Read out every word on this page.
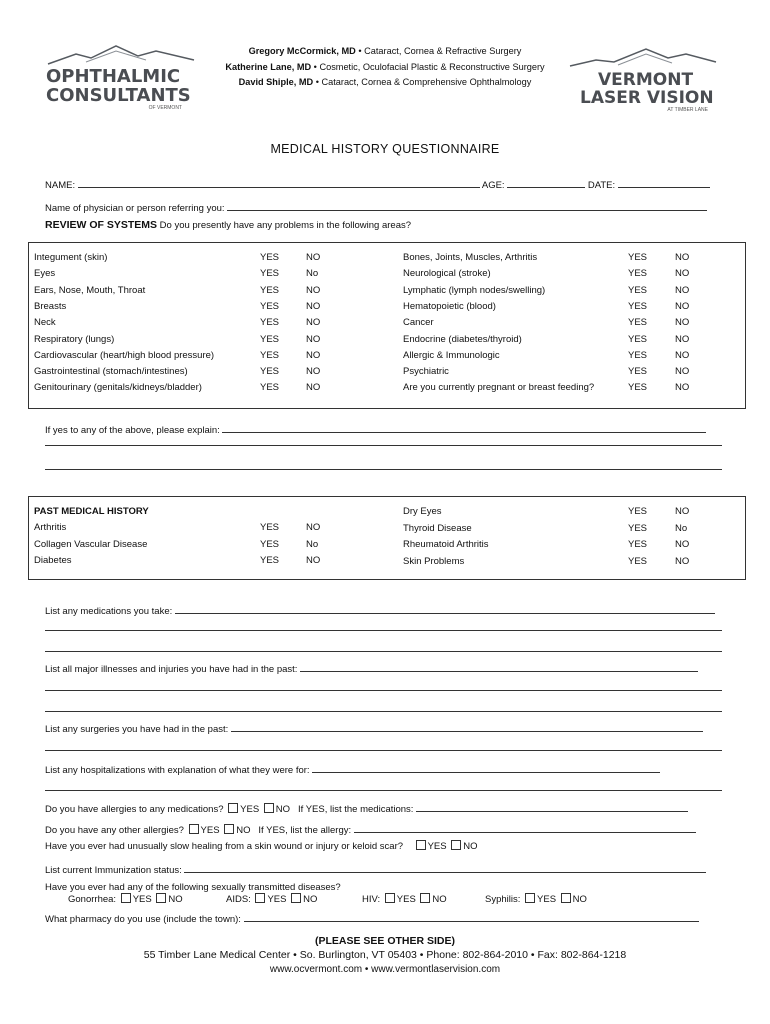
OPHTHALMIC
CONSULTANTS
OF VERMONT
Gregory McCormick, MD • Cataract, Cornea & Refractive Surgery
Katherine Lane, MD • Cosmetic, Oculofacial Plastic & Reconstructive Surgery
David Shiple, MD • Cataract, Cornea & Comprehensive Ophthalmology	VERMONT
LASER VISION
AT TIMBER LANE
MEDICAL HISTORY QUESTIONNAIRE
NAME:	AGE:	DATE:
Name of physician or person referring you:
REVIEW OF SYSTEMS Do you presently have any problems in the following areas?
Integument (skin)	YES	NO
Eyes	YES	No
Ears, Nose, Mouth, Throat	YES	NO
Breasts	YES	NO
Neck	YES	NO
Respiratory (lungs)	YES	NO
Cardiovascular (heart/high blood pressure)	YES	NO
Gastrointestinal (stomach/intestines)	YES	NO
Genitourinary (genitals/kidneys/bladder)	YES	NO
Bones, Joints, Muscles, Arthritis	YES	NO
Neurological (stroke)	YES	NO
Lymphatic (lymph nodes/swelling)	YES	NO
Hematopoietic (blood)	YES	NO
Cancer	YES	NO
Endocrine (diabetes/thyroid)	YES	NO
Allergic & Immunologic	YES	NO
Psychiatric	YES	NO
Are you currently pregnant or breast feeding?	YES	NO
If yes to any of the above, please explain:
PAST MEDICAL HISTORY
Arthritis	YES	NO
Collagen Vascular Disease	YES	No
Diabetes	YES	NO
Dry Eyes	YES	NO
Thyroid Disease	YES	No
Rheumatoid Arthritis	YES	NO
Skin Problems	YES	NO
List any medications you take:
List all major illnesses and injuries you have had in the past:
List any surgeries you have had in the past:
List any hospitalizations with explanation of what they were for:
Do you have allergies to any medications? YES NO If YES, list the medications:
Do you have any other allergies? YES NO If YES, list the allergy:
Have you ever had unusually slow healing from a skin wound or injury or keloid scar?	YES NO
List current Immunization status:
Have you ever had any of the following sexually transmitted diseases?
Gonorrhea: YES NO	AIDS: YES NO	HIV: YES NO	Syphilis: YES NO
What pharmacy do you use (include the town):
(PLEASE SEE OTHER SIDE)
55 Timber Lane Medical Center • So. Burlington, VT 05403 • Phone: 802-864-2010 • Fax: 802-864-1218
www.ocvermont.com • www.vermontlaservision.com
